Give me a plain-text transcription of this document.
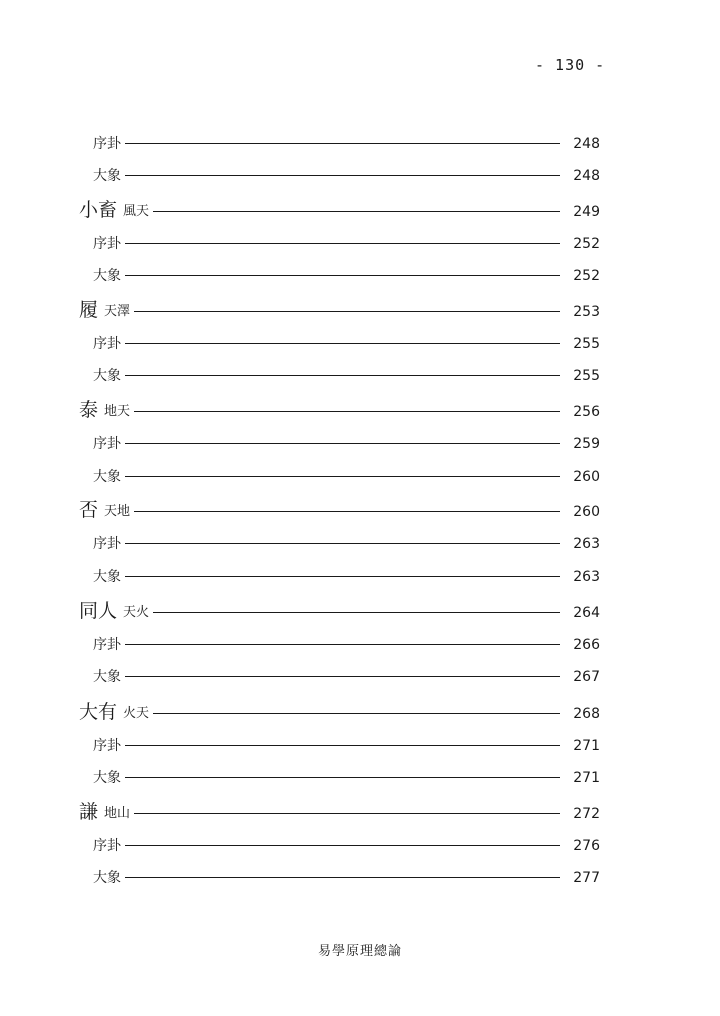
- 130 -
序卦	248
大象	248
小畜 風天	249
序卦	252
大象	252
履 天澤	253
序卦	255
大象	255
泰 地天	256
序卦	259
大象	260
否 天地	260
序卦	263
大象	263
同人 天火	264
序卦	266
大象	267
大有 火天	268
序卦	271
大象	271
謙 地山	272
序卦	276
大象	277
易學原理總論
